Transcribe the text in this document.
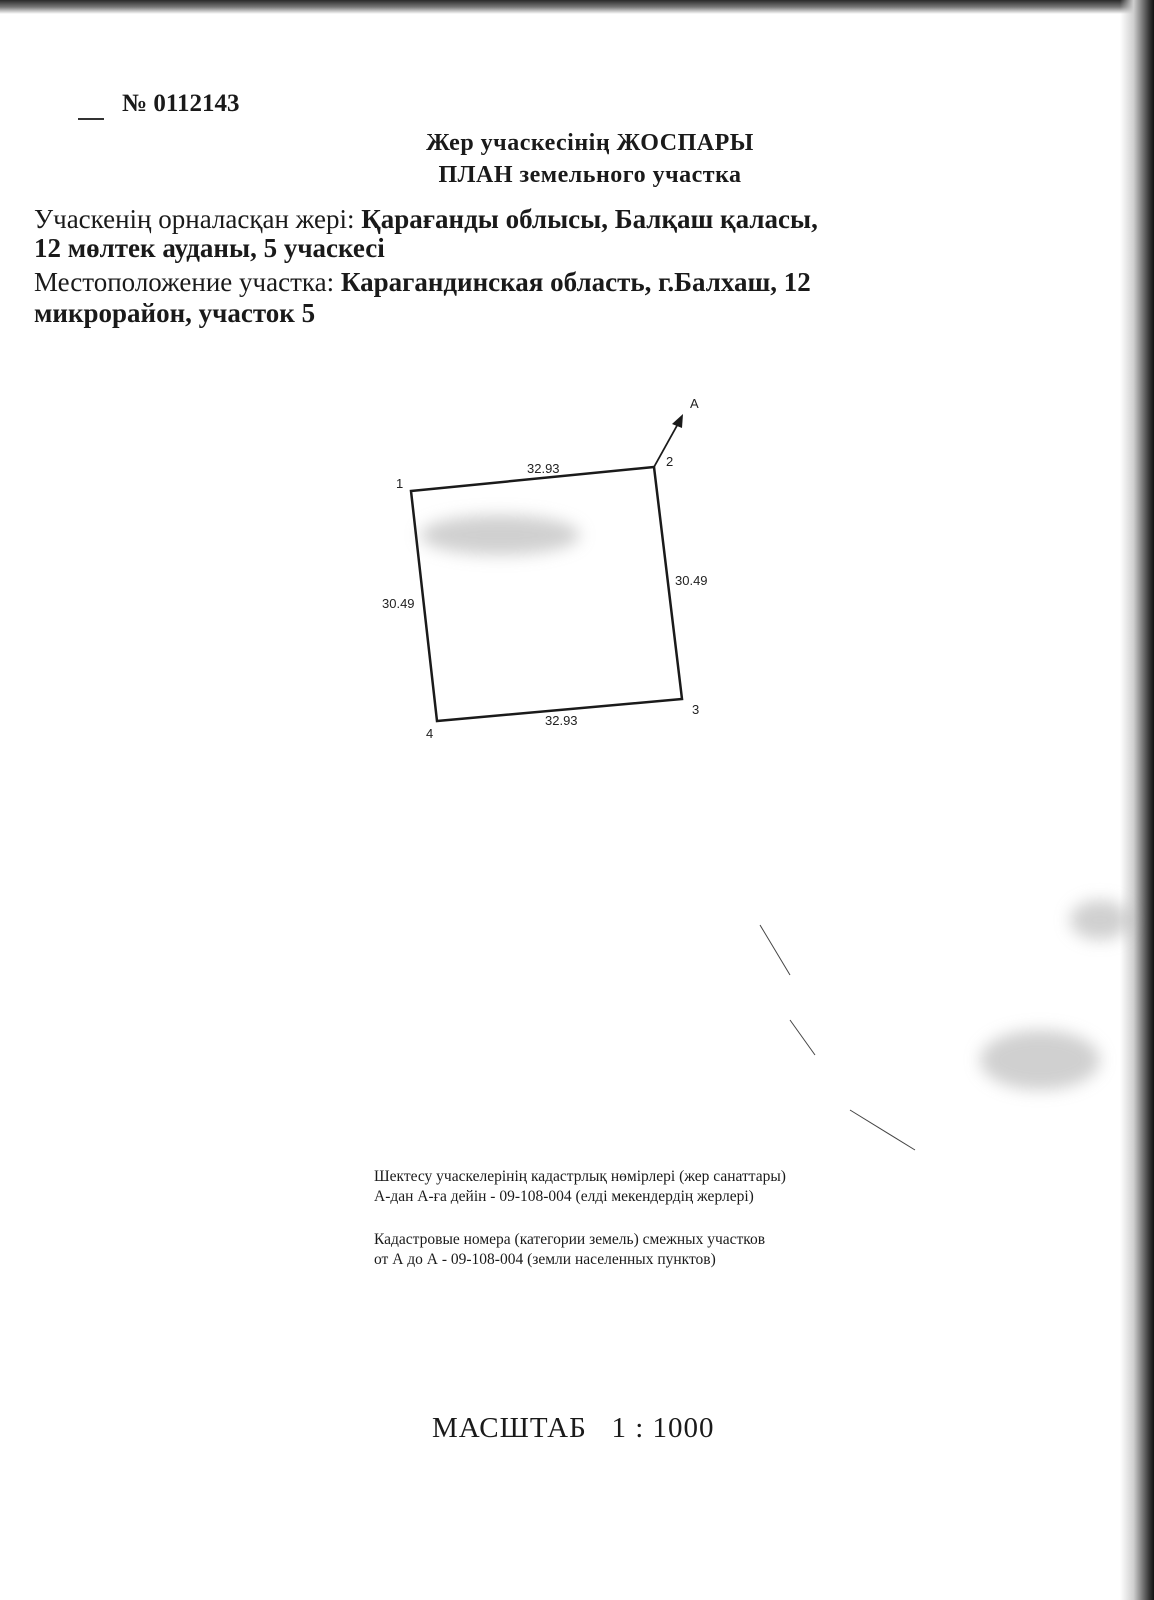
№ 0112143
Жер учаскесінің ЖОСПАРЫ
ПЛАН земельного участка
Учаскенің орналасқан жері: Қарағанды облысы, Балқаш қаласы,
12 мөлтек ауданы, 5 учаскесі
Местоположение участка: Карагандинская область, г.Балхаш, 12
микрорайон, участок 5
A
1
2
3
4
32.93
30.49
32.93
30.49
Шектесу учаскелерінің кадастрлық нөмірлері (жер санаттары)
А-дан А-ға дейін - 09-108-004 (елді мекендердің жерлері)
Кадастровые номера (категории земель) смежных участков
от А до А - 09-108-004 (земли населенных пунктов)
МАСШТАБ 1 : 1000
